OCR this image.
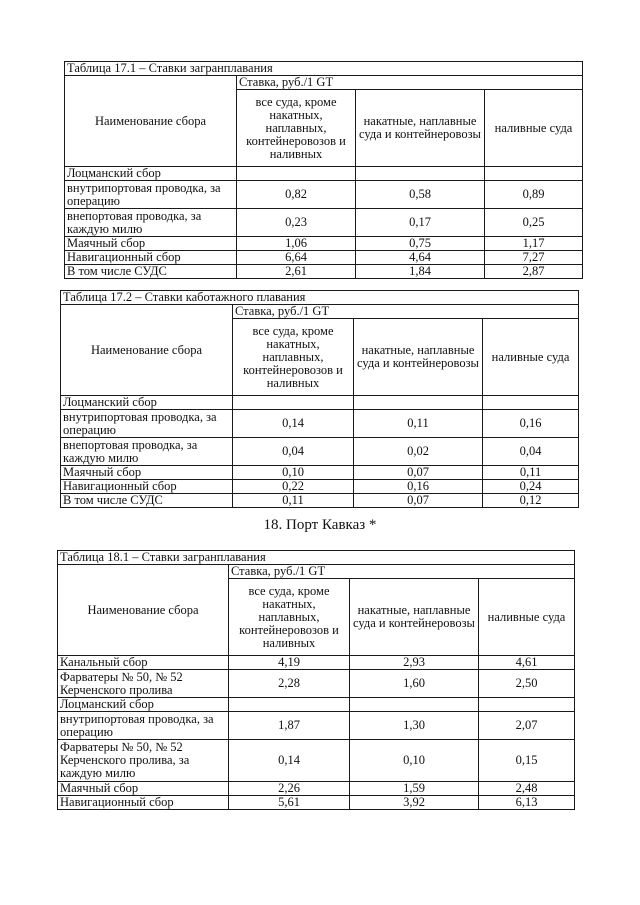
Таблица 17.1 – Ставки загранплавания			
Наименование сбора	Ставка, руб./1 GT		
	все суда, кроме накатных, наплавных, контейнеровозов и наливных	накатные, наплавные суда и контейнеровозы	наливные суда
Лоцманский сбор			
внутрипортовая проводка, за операцию	0,82	0,58	0,89
внепортовая проводка, за каждую милю	0,23	0,17	0,25
Маячный сбор	1,06	0,75	1,17
Навигационный сбор	6,64	4,64	7,27
В том числе СУДС	2,61	1,84	2,87
Таблица 17.2 – Ставки каботажного плавания			
Наименование сбора	Ставка, руб./1 GT		
	все суда, кроме накатных, наплавных, контейнеровозов и наливных	накатные, наплавные суда и контейнеровозы	наливные суда
Лоцманский сбор			
внутрипортовая проводка, за операцию	0,14	0,11	0,16
внепортовая проводка, за каждую милю	0,04	0,02	0,04
Маячный сбор	0,10	0,07	0,11
Навигационный сбор	0,22	0,16	0,24
В том числе СУДС	0,11	0,07	0,12
18. Порт Кавказ *
Таблица 18.1 – Ставки загранплавания			
Наименование сбора	Ставка, руб./1 GT		
	все суда, кроме накатных, наплавных, контейнеровозов и наливных	накатные, наплавные суда и контейнеровозы	наливные суда
Канальный сбор	4,19	2,93	4,61
Фарватеры № 50, № 52 Керченского пролива	2,28	1,60	2,50
Лоцманский сбор			
внутрипортовая проводка, за операцию	1,87	1,30	2,07
Фарватеры № 50, № 52 Керченского пролива, за каждую милю	0,14	0,10	0,15
Маячный сбор	2,26	1,59	2,48
Навигационный сбор	5,61	3,92	6,13
